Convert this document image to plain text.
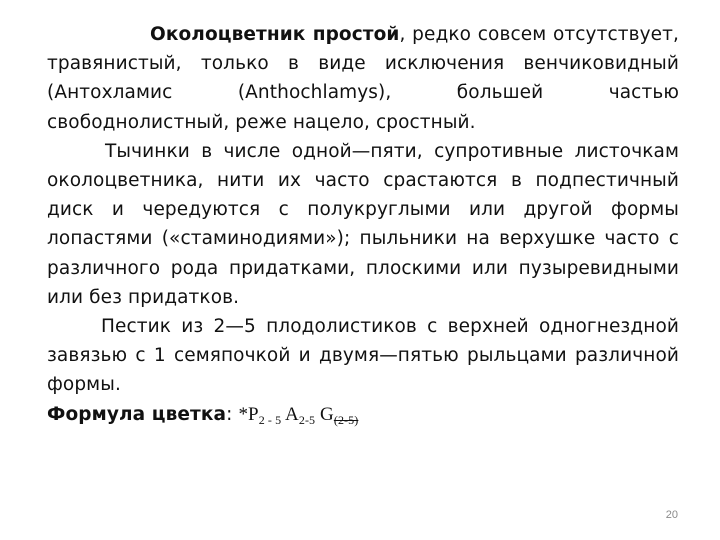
Околоцветник простой, редко совсем отсутствует, травянистый, только в виде исключения венчиковидный (Антохламис (Anthochlamys), большей частью свободнолистный, реже нацело, сростный.

Тычинки в числе одной—пяти, супротивные листочкам околоцветника, нити их часто срастаются в подпестичный диск и чередуются с полукруглыми или другой формы лопастями («стаминодиями»); пыльники на верхушке часто с различного рода придатками, плоскими или пузыревидными или без придатков.

Пестик из 2—5 плодолистиков с верхней одногнездной завязью с 1 семяпочкой и двумя—пятью рыльцами различной формы.

Формула цветка: $*P_{2 - 5}$ $A_{2-5}$ $G_{(2-5)}$

20
